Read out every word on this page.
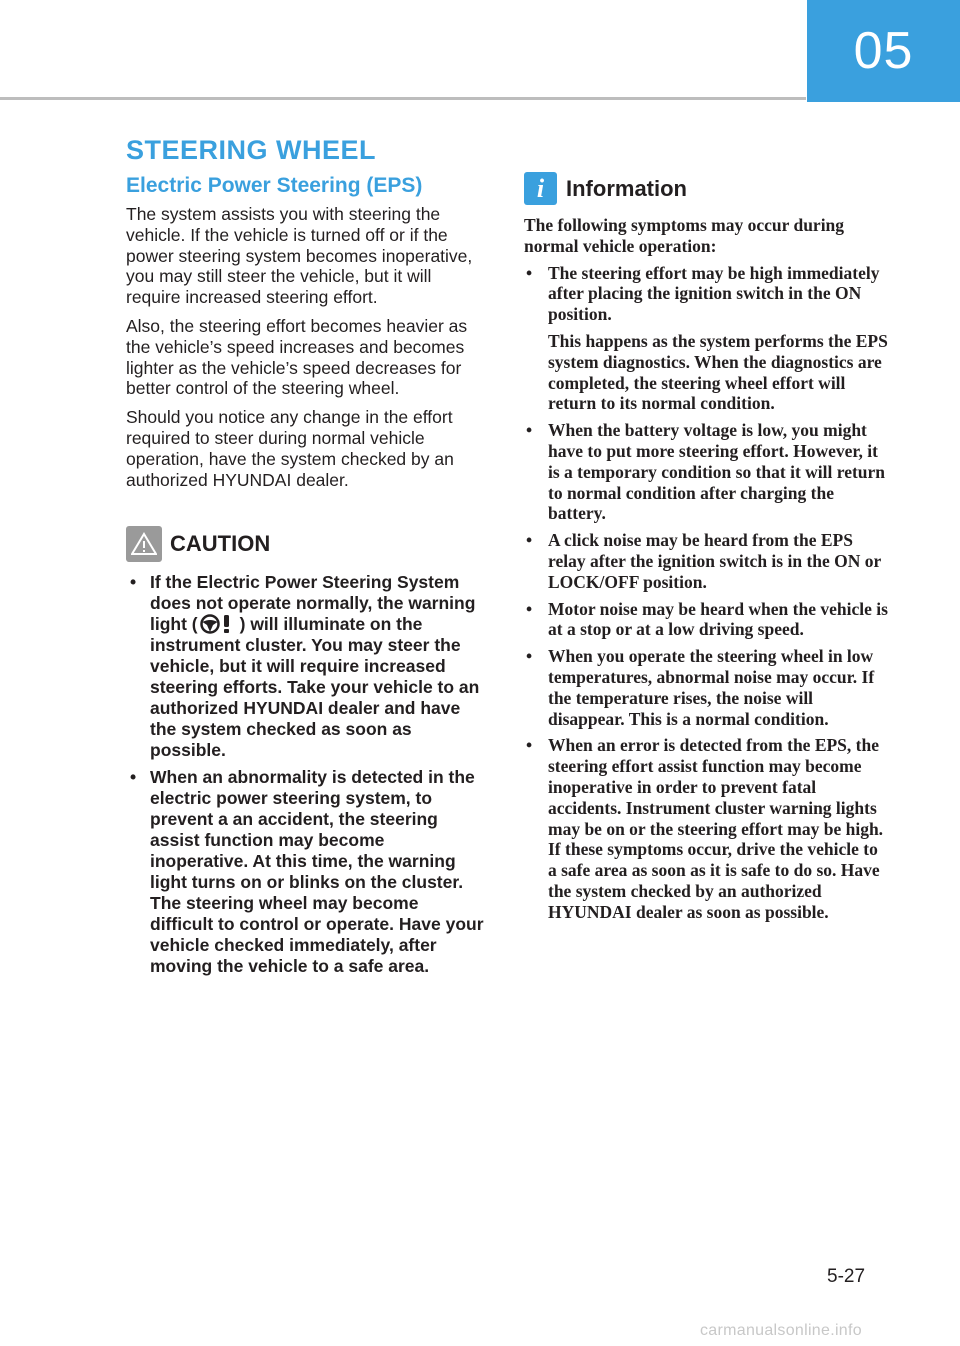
05
STEERING WHEEL
Electric Power Steering (EPS)

The system assists you with steering the vehicle. If the vehicle is turned off or if the power steering system becomes inoperative, you may still steer the vehicle, but it will require increased steering effort.

Also, the steering effort becomes heavier as the vehicle’s speed increases and becomes lighter as the vehicle’s speed decreases for better control of the steering wheel.

Should you notice any change in the effort required to steer during normal vehicle operation, have the system checked by an authorized HYUNDAI dealer.

CAUTION
• If the Electric Power Steering System does not operate normally, the warning light ( ) will illuminate on the instrument cluster. You may steer the vehicle, but it will require increased steering efforts. Take your vehicle to an authorized HYUNDAI dealer and have the system checked as soon as possible.
• When an abnormality is detected in the electric power steering system, to prevent a an accident, the steering assist function may become inoperative. At this time, the warning light turns on or blinks on the cluster. The steering wheel may become difficult to control or operate. Have your vehicle checked immediately, after moving the vehicle to a safe area.
i Information

The following symptoms may occur during normal vehicle operation:

• The steering effort may be high immediately after placing the ignition switch in the ON position.
This happens as the system performs the EPS system diagnostics. When the diagnostics are completed, the steering wheel effort will return to its normal condition.
• When the battery voltage is low, you might have to put more steering effort. However, it is a temporary condition so that it will return to normal condition after charging the battery.
• A click noise may be heard from the EPS relay after the ignition switch is in the ON or LOCK/OFF position.
• Motor noise may be heard when the vehicle is at a stop or at a low driving speed.
• When you operate the steering wheel in low temperatures, abnormal noise may occur. If the temperature rises, the noise will disappear. This is a normal condition.
• When an error is detected from the EPS, the steering effort assist function may become inoperative in order to prevent fatal accidents. Instrument cluster warning lights may be on or the steering effort may be high. If these symptoms occur, drive the vehicle to a safe area as soon as it is safe to do so. Have the system checked by an authorized HYUNDAI dealer as soon as possible.
5-27
carmanualsonline.info
